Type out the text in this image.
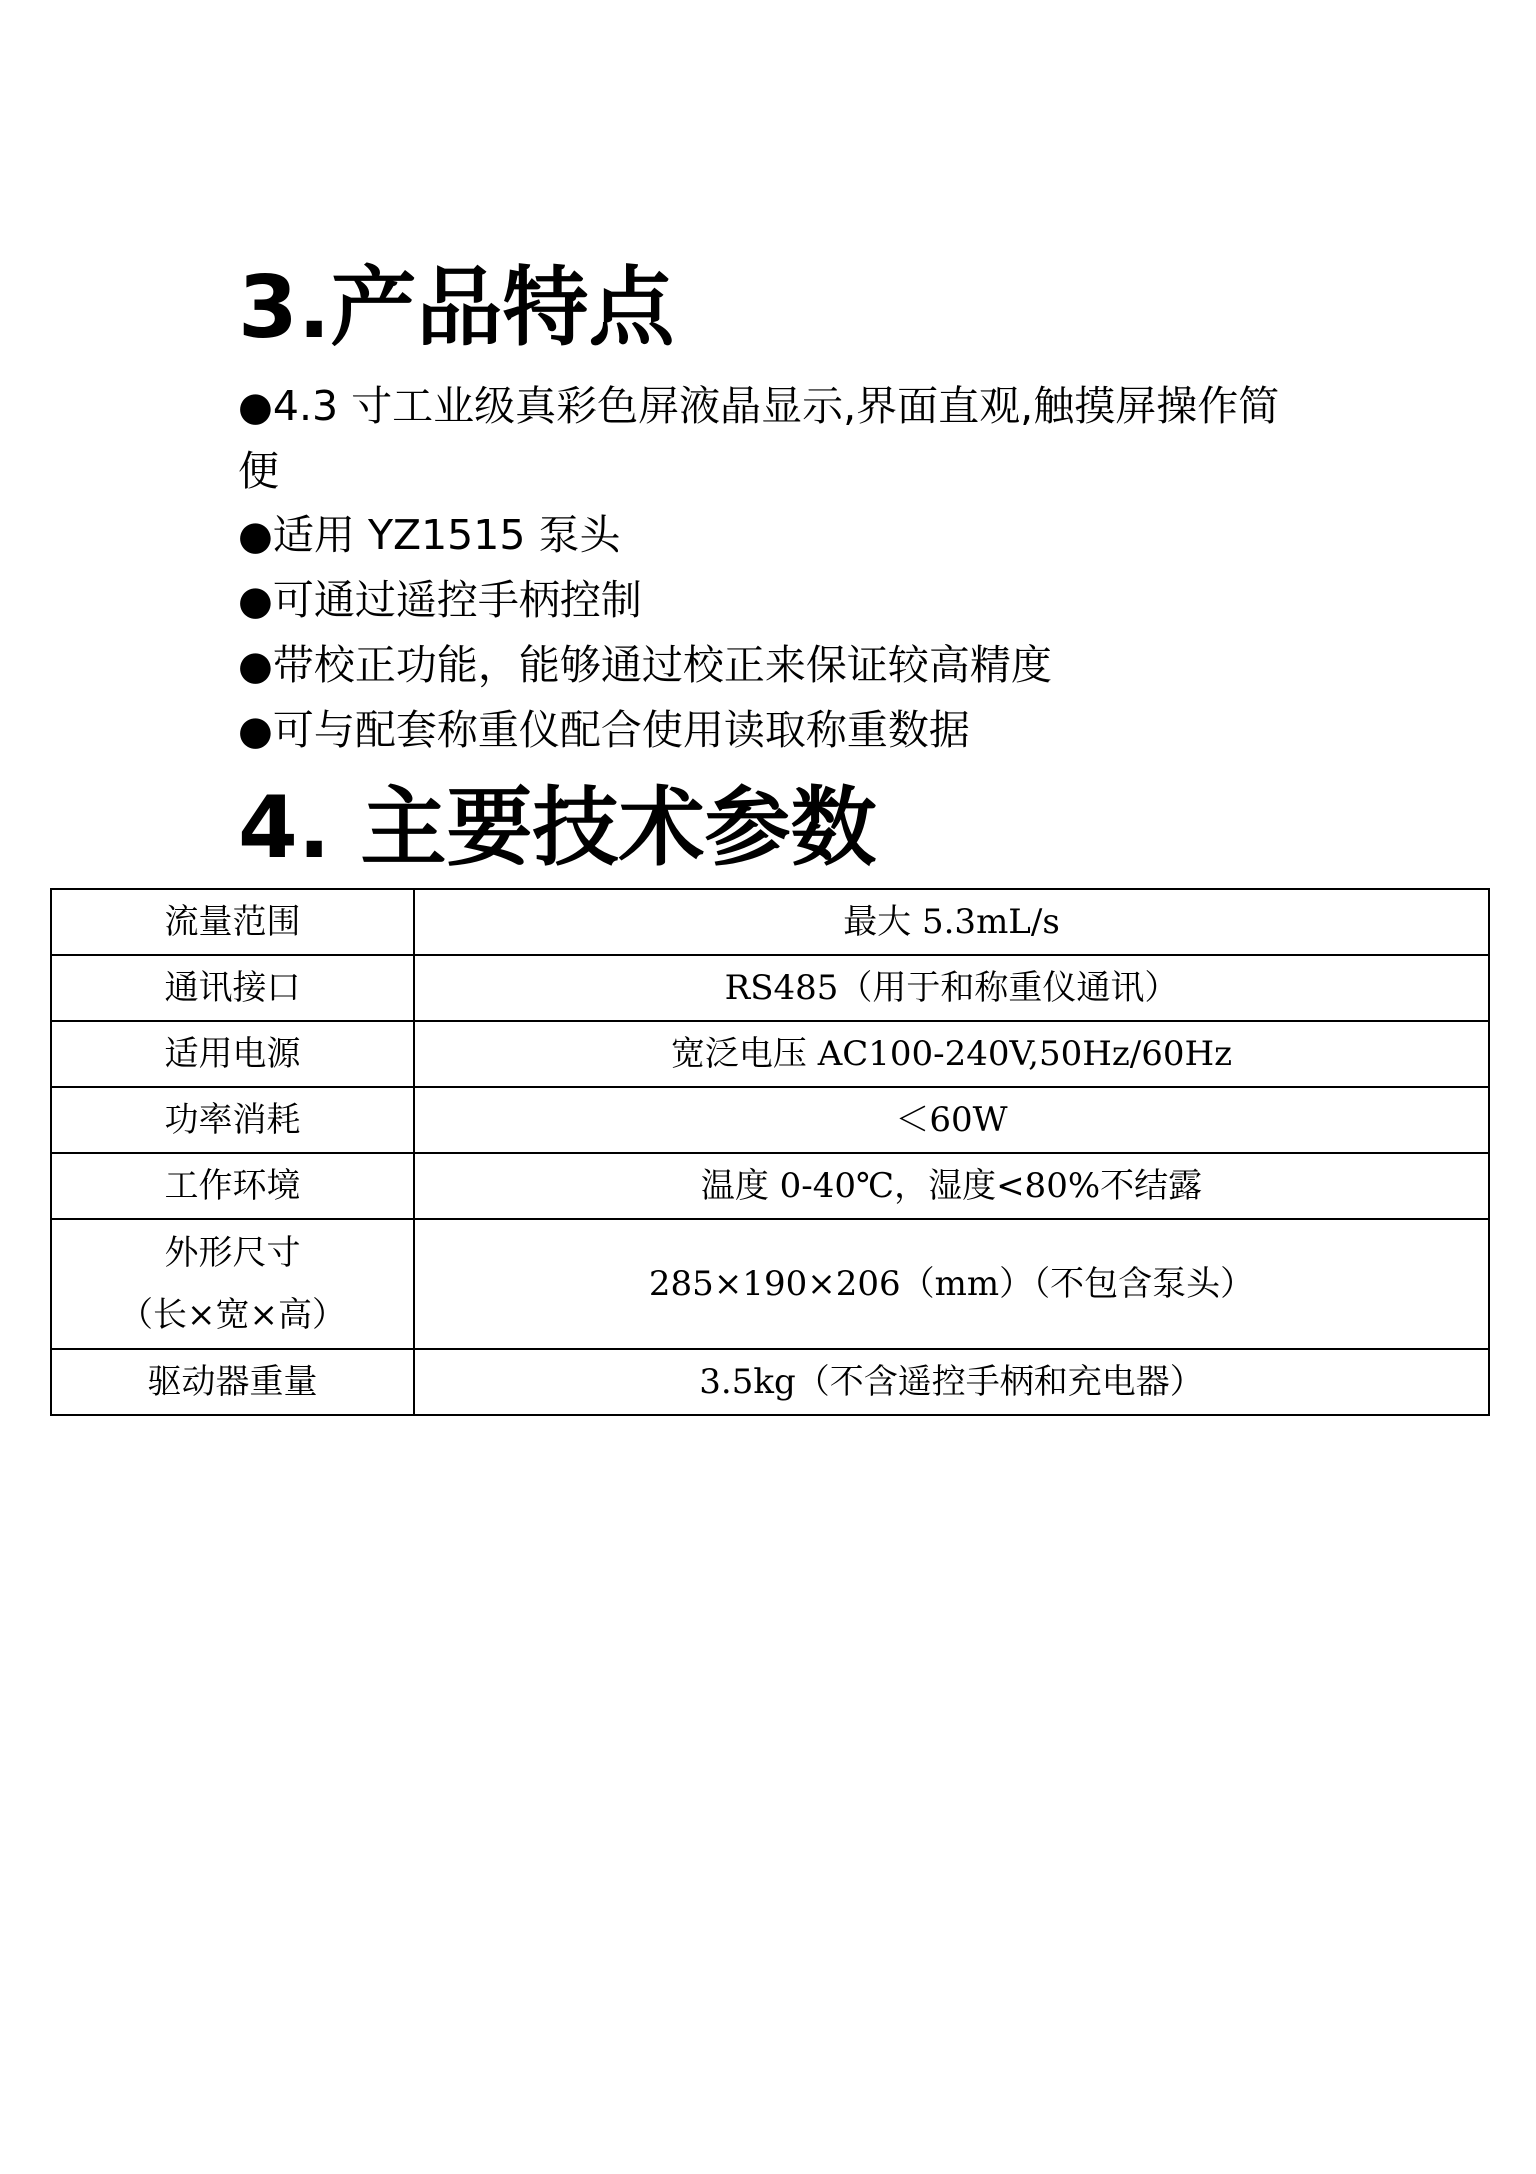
3.产品特点
●4.3 寸工业级真彩色屏液晶显示,界面直观,触摸屏操作简便
●适用 YZ1515 泵头
●可通过遥控手柄控制
●带校正功能，能够通过校正来保证较高精度
●可与配套称重仪配合使用读取称重数据
4. 主要技术参数
流量范围	最大 5.3mL/s
通讯接口	RS485（用于和称重仪通讯）
适用电源	宽泛电压 AC100-240V,50Hz/60Hz
功率消耗	＜60W
工作环境	温度 0-40℃，湿度<80%不结露

外形尺寸
（长×宽×高）	285×190×206（mm）（不包含泵头）
驱动器重量	3.5kg（不含遥控手柄和充电器）
